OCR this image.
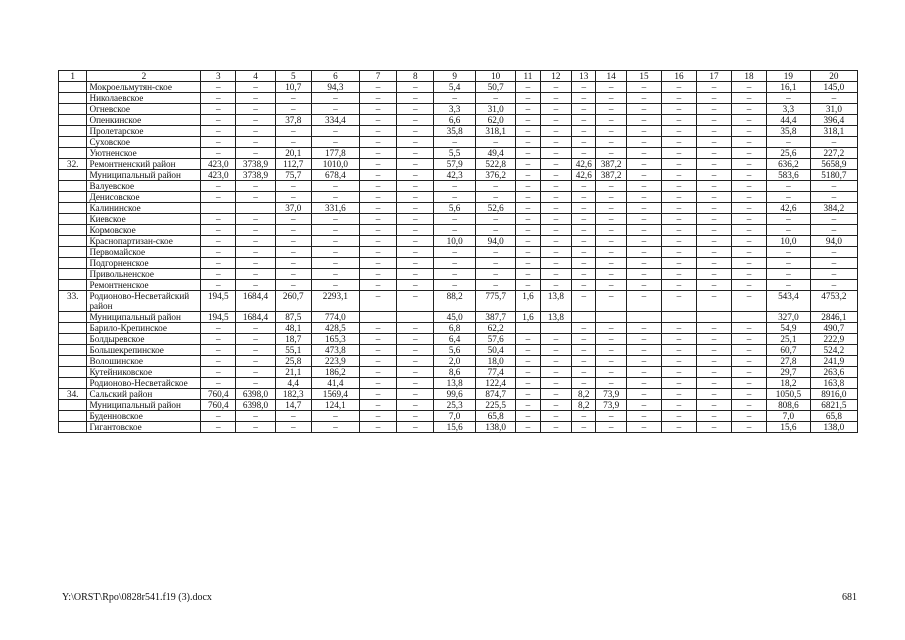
1	2	3	4	5	6	7	8	9	10	11	12	13	14	15	16	17	18	19	20
	Мокроельмутян-ское	–	–	10,7	94,3	–	–	5,4	50,7	–	–	–	–	–	–	–	–	16,1	145,0
	Николаевское	–	–	–	–	–	–	–	–	–	–	–	–	–	–	–	–	–	–
	Огневское	–	–	–	–	–	–	3,3	31,0	–	–	–	–	–	–	–	–	3,3	31,0
	Опенкинское	–	–	37,8	334,4	–	–	6,6	62,0	–	–	–	–	–	–	–	–	44,4	396,4
	Пролетарское	–	–	–	–	–	–	35,8	318,1	–	–	–	–	–	–	–	–	35,8	318,1
	Суховское	–	–	–	–	–	–	–	–	–	–	–	–	–	–	–	–	–	–
	Уютненское	–	–	20,1	177,8	–	–	5,5	49,4	–	–	–	–	–	–	–	–	25,6	227,2
32.	Ремонтненский район	423,0	3738,9	112,7	1010,0	–	–	57,9	522,8	–	–	42,6	387,2	–	–	–	–	636,2	5658,9
	Муниципальный район	423,0	3738,9	75,7	678,4	–	–	42,3	376,2	–	–	42,6	387,2	–	–	–	–	583,6	5180,7
	Валуевское	–	–	–	–	–	–	–	–	–	–	–	–	–	–	–	–	–	–
	Денисовское	–	–	–	–	–	–	–	–	–	–	–	–	–	–	–	–	–	–
	Калининское			37,0	331,6	–	–	5,6	52,6	–	–	–	–	–	–	–	–	42,6	384,2
	Киевское	–	–	–	–	–	–	–	–	–	–	–	–	–	–	–	–	–	–
	Кормовское	–	–	–	–	–	–	–	–	–	–	–	–	–	–	–	–	–	–
	Краснопартизан-ское	–	–	–	–	–	–	10,0	94,0	–	–	–	–	–	–	–	–	10,0	94,0
	Первомайское	–	–	–	–	–	–	–	–	–	–	–	–	–	–	–	–	–	–
	Подгорненское	–	–	–	–	–	–	–	–	–	–	–	–	–	–	–	–	–	–
	Привольненское	–	–	–	–	–	–	–	–	–	–	–	–	–	–	–	–	–	–
	Ремонтненское	–	–	–	–	–	–	–	–	–	–	–	–	–	–	–	–	–	–
33.	Родионово-Несветайский район	194,5	1684,4	260,7	2293,1	–	–	88,2	775,7	1,6	13,8	–	–	–	–	–	–	543,4	4753,2
	Муниципальный район	194,5	1684,4	87,5	774,0			45,0	387,7	1,6	13,8							327,0	2846,1
	Барило-Крепинское	–	–	48,1	428,5	–	–	6,8	62,2			–	–	–	–	–	–	54,9	490,7
	Болдыревское	–	–	18,7	165,3	–	–	6,4	57,6	–	–	–	–	–	–	–	–	25,1	222,9
	Большекрепинское	–	–	55,1	473,8	–	–	5,6	50,4	–	–	–	–	–	–	–	–	60,7	524,2
	Волошинское	–	–	25,8	223,9	–	–	2,0	18,0	–	–	–	–	–	–	–	–	27,8	241,9
	Кутейниковское	–	–	21,1	186,2	–	–	8,6	77,4	–	–	–	–	–	–	–	–	29,7	263,6
	Родионово-Несветайское	–	–	4,4	41,4	–	–	13,8	122,4	–	–	–	–	–	–	–	–	18,2	163,8
34.	Сальский район	760,4	6398,0	182,3	1569,4	–	–	99,6	874,7	–	–	8,2	73,9	–	–	–	–	1050,5	8916,0
	Муниципальный район	760,4	6398,0	14,7	124,1	–	–	25,3	225,5	–	–	8,2	73,9	–	–	–	–	808,6	6821,5
	Буденновское	–	–	–	–	–	–	7,0	65,8	–	–	–	–	–	–	–	–	7,0	65,8
	Гигантовское	–	–	–	–	–	–	15,6	138,0	–	–	–	–	–	–	–	–	15,6	138,0
Y:\ORST\Rpo\0828r541.f19 (3).docx	681
